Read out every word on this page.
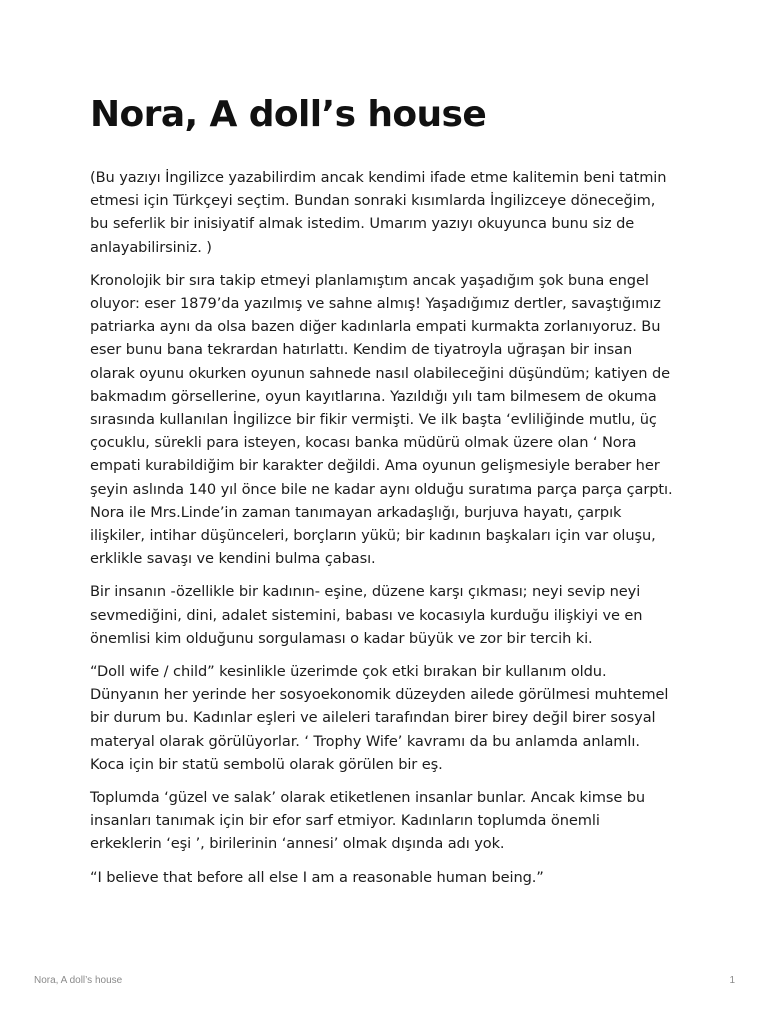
Nora, A doll’s house

(Bu yazıyı İngilizce yazabilirdim ancak kendimi ifade etme kalitemin beni tatmin etmesi için Türkçeyi seçtim. Bundan sonraki kısımlarda İngilizceye döneceğim, bu seferlik bir inisiyatif almak istedim. Umarım yazıyı okuyunca bunu siz de anlayabilirsiniz. )

Kronolojik bir sıra takip etmeyi planlamıştım ancak yaşadığım şok buna engel oluyor: eser 1879’da yazılmış ve sahne almış! Yaşadığımız dertler, savaştığımız patriarka aynı da olsa bazen diğer kadınlarla empati kurmakta zorlanıyoruz. Bu eser bunu bana tekrardan hatırlattı. Kendim de tiyatroyla uğraşan bir insan olarak oyunu okurken oyunun sahnede nasıl olabileceğini düşündüm; katiyen de bakmadım görsellerine, oyun kayıtlarına. Yazıldığı yılı tam bilmesem de okuma sırasında kullanılan İngilizce bir fikir vermişti. Ve ilk başta ‘evliliğinde mutlu, üç çocuklu, sürekli para isteyen, kocası banka müdürü olmak üzere olan ‘ Nora empati kurabildiğim bir karakter değildi. Ama oyunun gelişmesiyle beraber her şeyin aslında 140 yıl önce bile ne kadar aynı olduğu suratıma parça parça çarptı. Nora ile Mrs.Linde’in zaman tanımayan arkadaşlığı, burjuva hayatı, çarpık ilişkiler, intihar düşünceleri, borçların yükü; bir kadının başkaları için var oluşu, erklikle savaşı ve kendini bulma çabası.

Bir insanın -özellikle bir kadının- eşine, düzene karşı çıkması; neyi sevip neyi sevmediğini, dini, adalet sistemini, babası ve kocasıyla kurduğu ilişkiyi ve en önemlisi kim olduğunu sorgulaması o kadar büyük ve zor bir tercih ki.

“Doll wife / child” kesinlikle üzerimde çok etki bırakan bir kullanım oldu. Dünyanın her yerinde her sosyoekonomik düzeyden ailede görülmesi muhtemel bir durum bu. Kadınlar eşleri ve aileleri tarafından birer birey değil birer sosyal materyal olarak görülüyorlar. ‘ Trophy Wife’ kavramı da bu anlamda anlamlı. Koca için bir statü sembolü olarak görülen bir eş.

Toplumda ‘güzel ve salak’ olarak etiketlenen insanlar bunlar. Ancak kimse bu insanları tanımak için bir efor sarf etmiyor. Kadınların toplumda önemli erkeklerin ‘eşi ’, birilerinin ‘annesi’ olmak dışında adı yok.

“I believe that before all else I am a reasonable human being.”

Nora, A doll’s house	1
